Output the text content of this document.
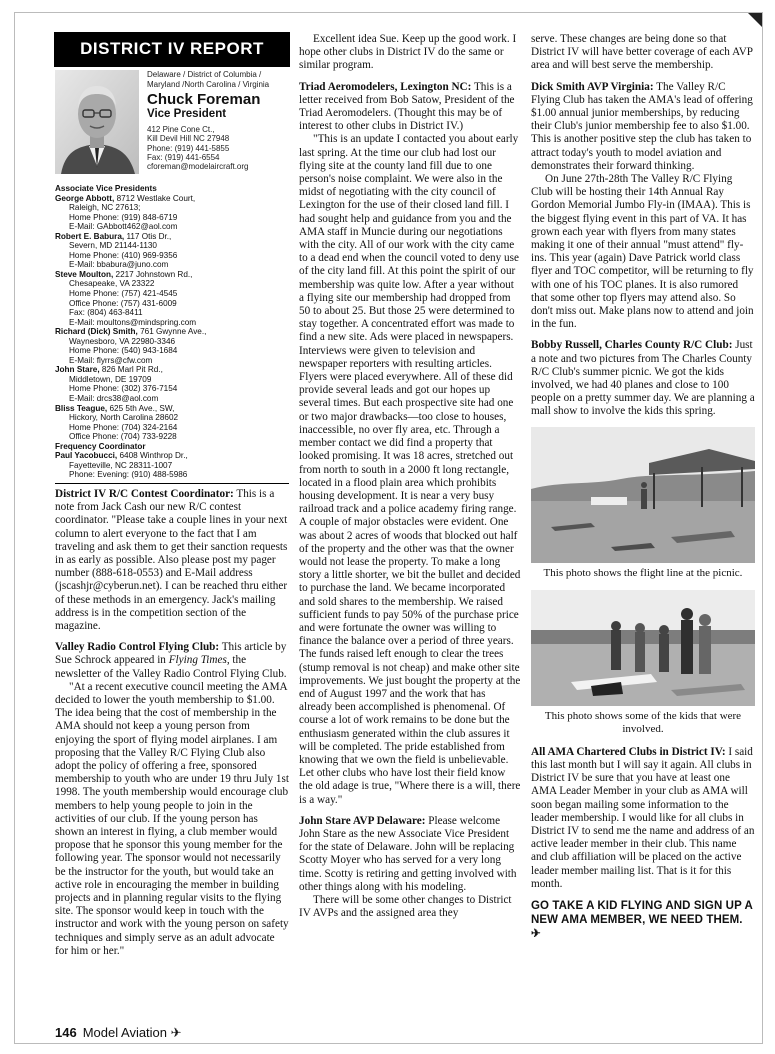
DISTRICT IV REPORT
Delaware / District of Columbia /
Maryland /North Carolina / Virginia
Chuck Foreman
Vice President
412 Pine Cone Ct.,
Kill Devil Hill NC 27948
Phone: (919) 441-5855
Fax: (919) 441-6554
cforeman@modelaircraft.org
Associate Vice Presidents
George Abbott, 8712 Westlake Court,
Raleigh, NC 27613;
Home Phone: (919) 848-6719
E-Mail: GAbbott462@aol.com
Robert E. Babura, 117 Otis Dr.,
Severn, MD 21144-1130
Home Phone: (410) 969-9356
E-Mail: bbabura@juno.com
Steve Moulton, 2217 Johnstown Rd.,
Chesapeake, VA 23322
Home Phone: (757) 421-4545
Office Phone: (757) 431-6009
Fax: (804) 463-8411
E-Mail: moultons@mindspring.com
Richard (Dick) Smith, 761 Gwynne Ave.,
Waynesboro, VA 22980-3346
Home Phone: (540) 943-1684
E-Mail: flyrrs@cfw.com
John Stare, 826 Marl Pit Rd.,
Middletown, DE 19709
Home Phone: (302) 376-7154
E-Mail: drcs38@aol.com
Bliss Teague, 625 5th Ave., SW,
Hickory, North Carolina 28602
Home Phone: (704) 324-2164
Office Phone: (704) 733-9228
Frequency Coordinator
Paul Yacobucci, 6408 Winthrop Dr.,
Fayetteville, NC 28311-1007
Phone: Evening: (910) 488-5986

District IV R/C Contest Coordinator: This is a note from Jack Cash our new R/C contest coordinator. "Please take a couple lines in your next column to alert everyone to the fact that I am traveling and ask them to get their sanction requests in as early as possible. Also please post my pager number (888-618-0553) and E-Mail address (jscashjr@cyberun.net). I can be reached thru either of these methods in an emergency. Jack's mailing address is in the competition section of the magazine.

Valley Radio Control Flying Club: This article by Sue Schrock appeared in Flying Times, the newsletter of the Valley Radio Control Flying Club.

"At a recent executive council meeting the AMA decided to lower the youth membership to $1.00. The idea being that the cost of membership in the AMA should not keep a young person from enjoying the sport of flying model airplanes. I am proposing that the Valley R/C Flying Club also adopt the policy of offering a free, sponsored membership to youth who are under 19 thru July 1st 1998. The youth membership would encourage club members to help young people to join in the activities of our club. If the young person has shown an interest in flying, a club member would propose that he sponsor this young member for the following year. The sponsor would not necessarily be the instructor for the youth, but would take an active role in encouraging the member in building projects and in planning regular visits to the flying site. The sponsor would keep in touch with the instructor and work with the young person on safety techniques and simply serve as an adult advocate for him or her."

Excellent idea Sue. Keep up the good work. I hope other clubs in District IV do the same or similar program.

Triad Aeromodelers, Lexington NC: This is a letter received from Bob Satow, President of the Triad Aeromodelers. (Thought this may be of interest to other clubs in District IV.)

"This is an update I contacted you about early last spring. At the time our club had lost our flying site at the county land fill due to one person's noise complaint. We were also in the midst of negotiating with the city council of Lexington for the use of their closed land fill. I had sought help and guidance from you and the AMA staff in Muncie during our negotiations with the city. All of our work with the city came to a dead end when the council voted to deny use of the city land fill. At this point the spirit of our membership was quite low. After a year without a flying site our membership had dropped from 50 to about 25. But those 25 were determined to stay together. A concentrated effort was made to find a new site. Ads were placed in newspapers. Interviews were given to television and newspaper reporters with resulting articles. Flyers were placed everywhere. All of these did provide several leads and got our hopes up several times. But each prospective site had one or two major drawbacks—too close to houses, inaccessible, no over fly area, etc. Through a member contact we did find a property that looked promising. It was 18 acres, stretched out from north to south in a 2000 ft long rectangle, located in a flood plain area which prohibits housing development. It is near a very busy railroad track and a police academy firing range. A couple of major obstacles were evident. One was about 2 acres of woods that blocked out half of the property and the other was that the owner would not lease the property. To make a long story a little shorter, we bit the bullet and decided to purchase the land. We became incorporated and sold shares to the membership. We raised sufficient funds to pay 50% of the purchase price and were fortunate the owner was willing to finance the balance over a period of three years. The funds raised left enough to clear the trees (stump removal is not cheap) and make other site improvements. We just bought the property at the end of August 1997 and the work that has already been accomplished is phenomenal. Of course a lot of work remains to be done but the enthusiasm generated within the club assures it will be completed. The pride established from knowing that we own the field is unbelievable. Let other clubs who have lost their field know the old adage is true, "Where there is a will, there is a way."

John Stare AVP Delaware: Please welcome John Stare as the new Associate Vice President for the state of Delaware. John will be replacing Scotty Moyer who has served for a very long time. Scotty is retiring and getting involved with other things along with his modeling.

There will be some other changes to District IV AVPs and the assigned area they

serve. These changes are being done so that District IV will have better coverage of each AVP area and will best serve the membership.

Dick Smith AVP Virginia: The Valley R/C Flying Club has taken the AMA's lead of offering $1.00 annual junior memberships, by reducing their Club's junior membership fee to also $1.00. This is another positive step the club has taken to attract today's youth to model aviation and demonstrates their forward thinking.

On June 27th-28th The Valley R/C Flying Club will be hosting their 14th Annual Ray Gordon Memorial Jumbo Fly-in (IMAA). This is the biggest flying event in this part of VA. It has grown each year with flyers from many states making it one of their annual "must attend" fly-ins. This year (again) Dave Patrick world class flyer and TOC competitor, will be returning to fly with one of his TOC planes. It is also rumored that some other top flyers may attend also. So don't miss out. Make plans now to attend and join in the fun.

Bobby Russell, Charles County R/C Club: Just a note and two pictures from The Charles County R/C Club's summer picnic. We got the kids involved, we had 40 planes and close to 100 people on a pretty summer day. We are planning a mall show to involve the kids this spring.

This photo shows the flight line at the picnic.
This photo shows some of the kids that were involved.

All AMA Chartered Clubs in District IV: I said this last month but I will say it again. All clubs in District IV be sure that you have at least one AMA Leader Member in your club as AMA will soon began mailing some information to the leader membership. I would like for all clubs in District IV to send me the name and address of an active leader member in their club. This name and club affiliation will be placed on the active leader member mailing list. That is it for this month.

GO TAKE A KID FLYING AND SIGN UP A NEW AMA MEMBER, WE NEED THEM. ✈
146 Model Aviation ✈
